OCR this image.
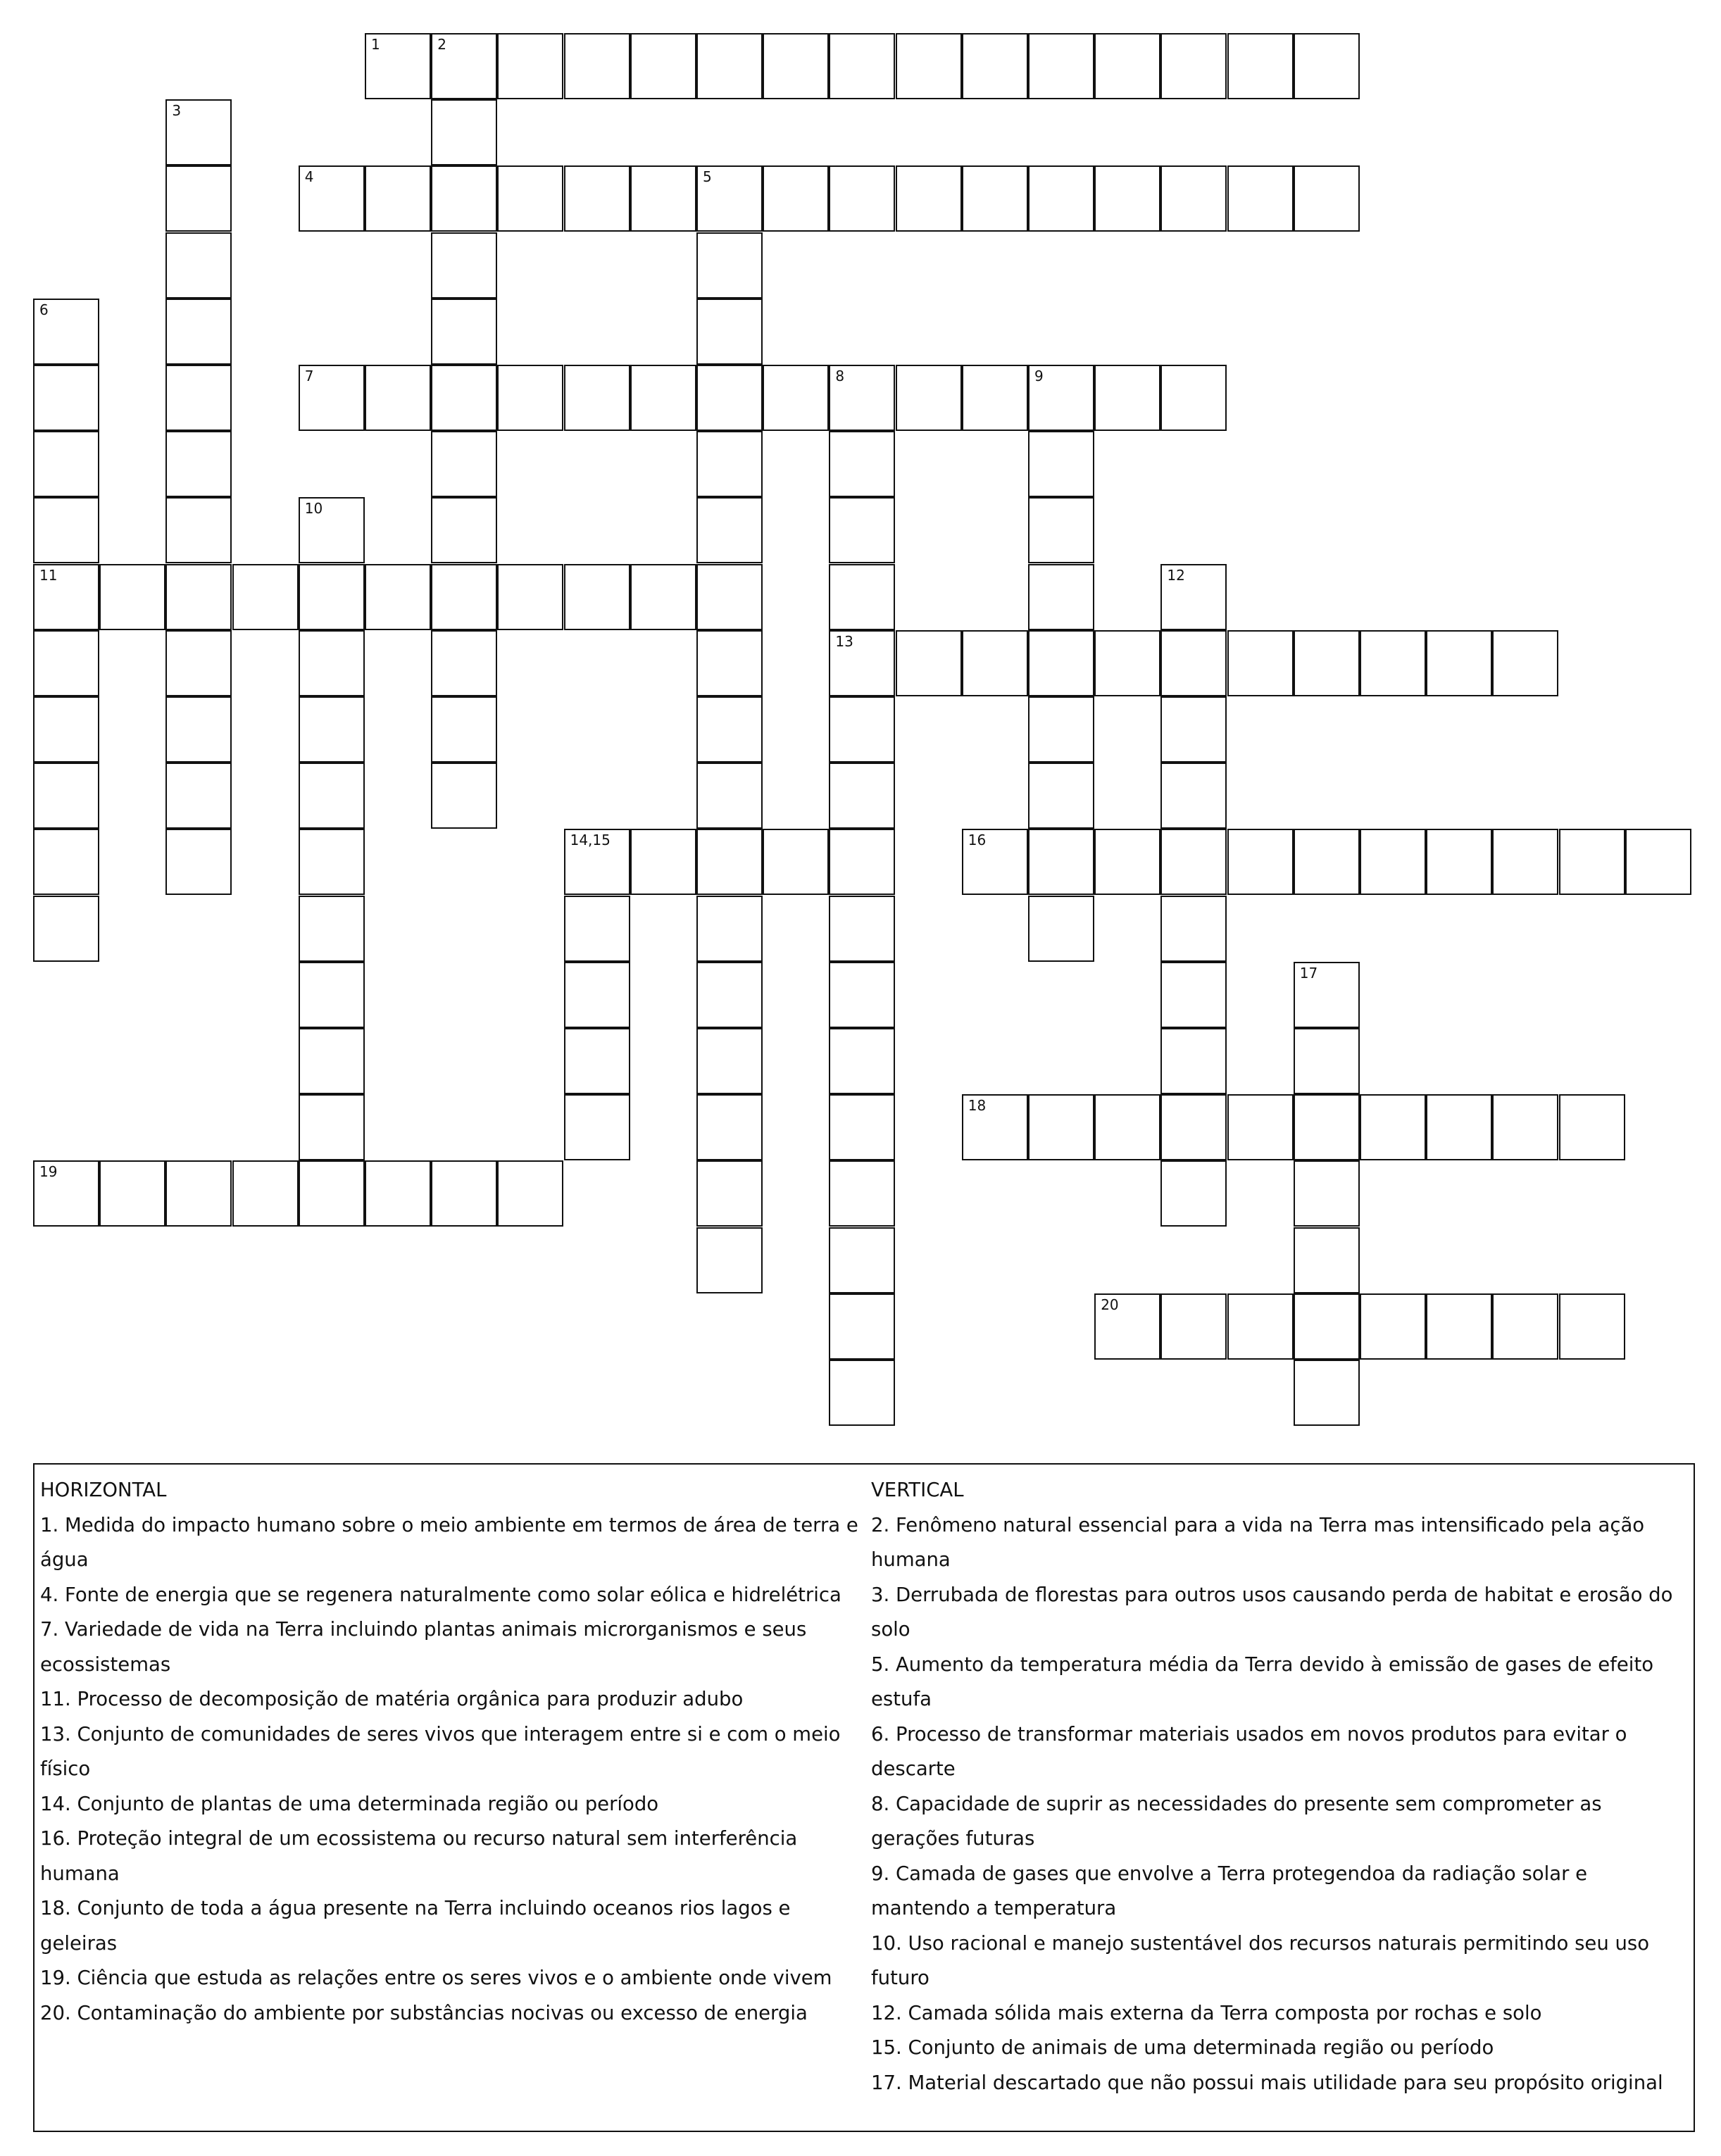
1	2
4	5
7	8	9
11
13
14,15	16
18
19
20
3
6
10
12
17
HORIZONTAL
1. Medida do impacto humano sobre o meio ambiente em termos de área de terra e água
4. Fonte de energia que se regenera naturalmente como solar eólica e hidrelétrica
7. Variedade de vida na Terra incluindo plantas animais microrganismos e seus ecossistemas
11. Processo de decomposição de matéria orgânica para produzir adubo
13. Conjunto de comunidades de seres vivos que interagem entre si e com o meio físico
14. Conjunto de plantas de uma determinada região ou período
16. Proteção integral de um ecossistema ou recurso natural sem interferência humana
18. Conjunto de toda a água presente na Terra incluindo oceanos rios lagos e geleiras
19. Ciência que estuda as relações entre os seres vivos e o ambiente onde vivem
20. Contaminação do ambiente por substâncias nocivas ou excesso de energia
VERTICAL
2. Fenômeno natural essencial para a vida na Terra mas intensificado pela ação humana
3. Derrubada de florestas para outros usos causando perda de habitat e erosão do solo
5. Aumento da temperatura média da Terra devido à emissão de gases de efeito estufa
6. Processo de transformar materiais usados em novos produtos para evitar o descarte
8. Capacidade de suprir as necessidades do presente sem comprometer as gerações futuras
9. Camada de gases que envolve a Terra protegendoa da radiação solar e mantendo a temperatura
10. Uso racional e manejo sustentável dos recursos naturais permitindo seu uso futuro
12. Camada sólida mais externa da Terra composta por rochas e solo
15. Conjunto de animais de uma determinada região ou período
17. Material descartado que não possui mais utilidade para seu propósito original
